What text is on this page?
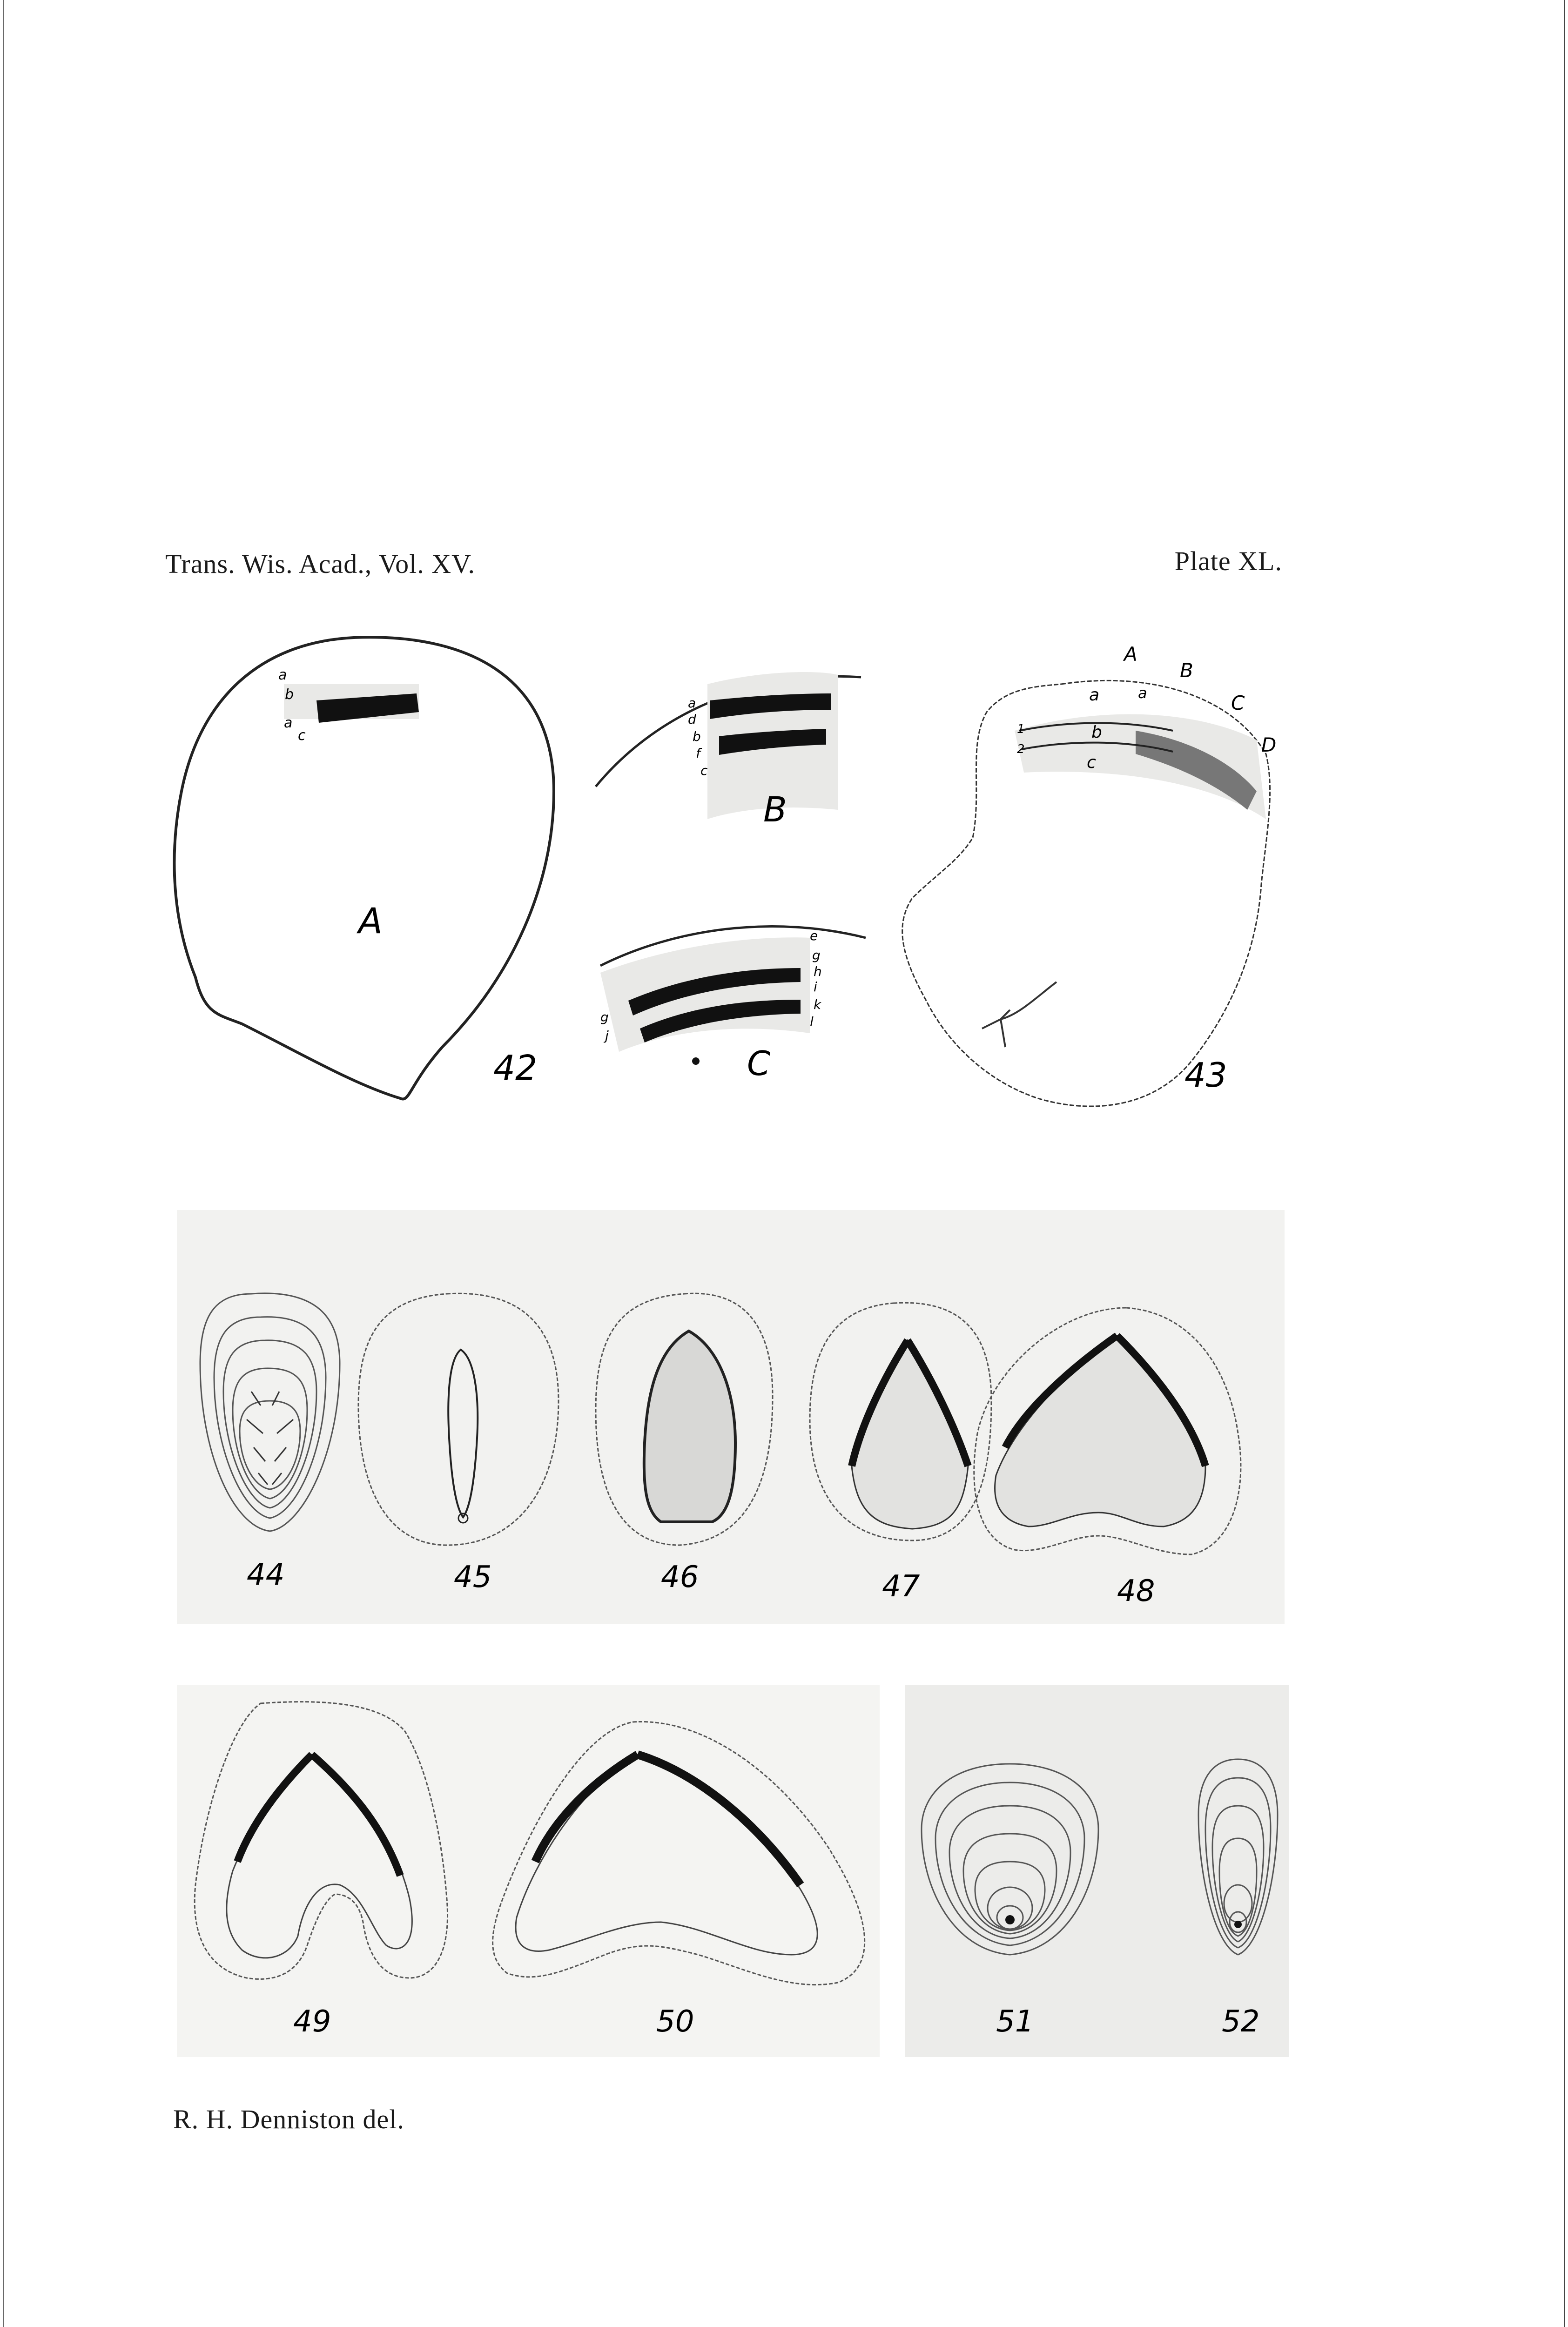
Trans. Wis. Acad., Vol. XV.	Plate XL.
a
b
a
c
A
42
a
d
b
f
c
B
e
g
h
i
k
l
g
j
C
A
B
C
D
a	a
b
c
1
2
43
44	45	46	47	48
49	50	51	52
R. H. Denniston del.
